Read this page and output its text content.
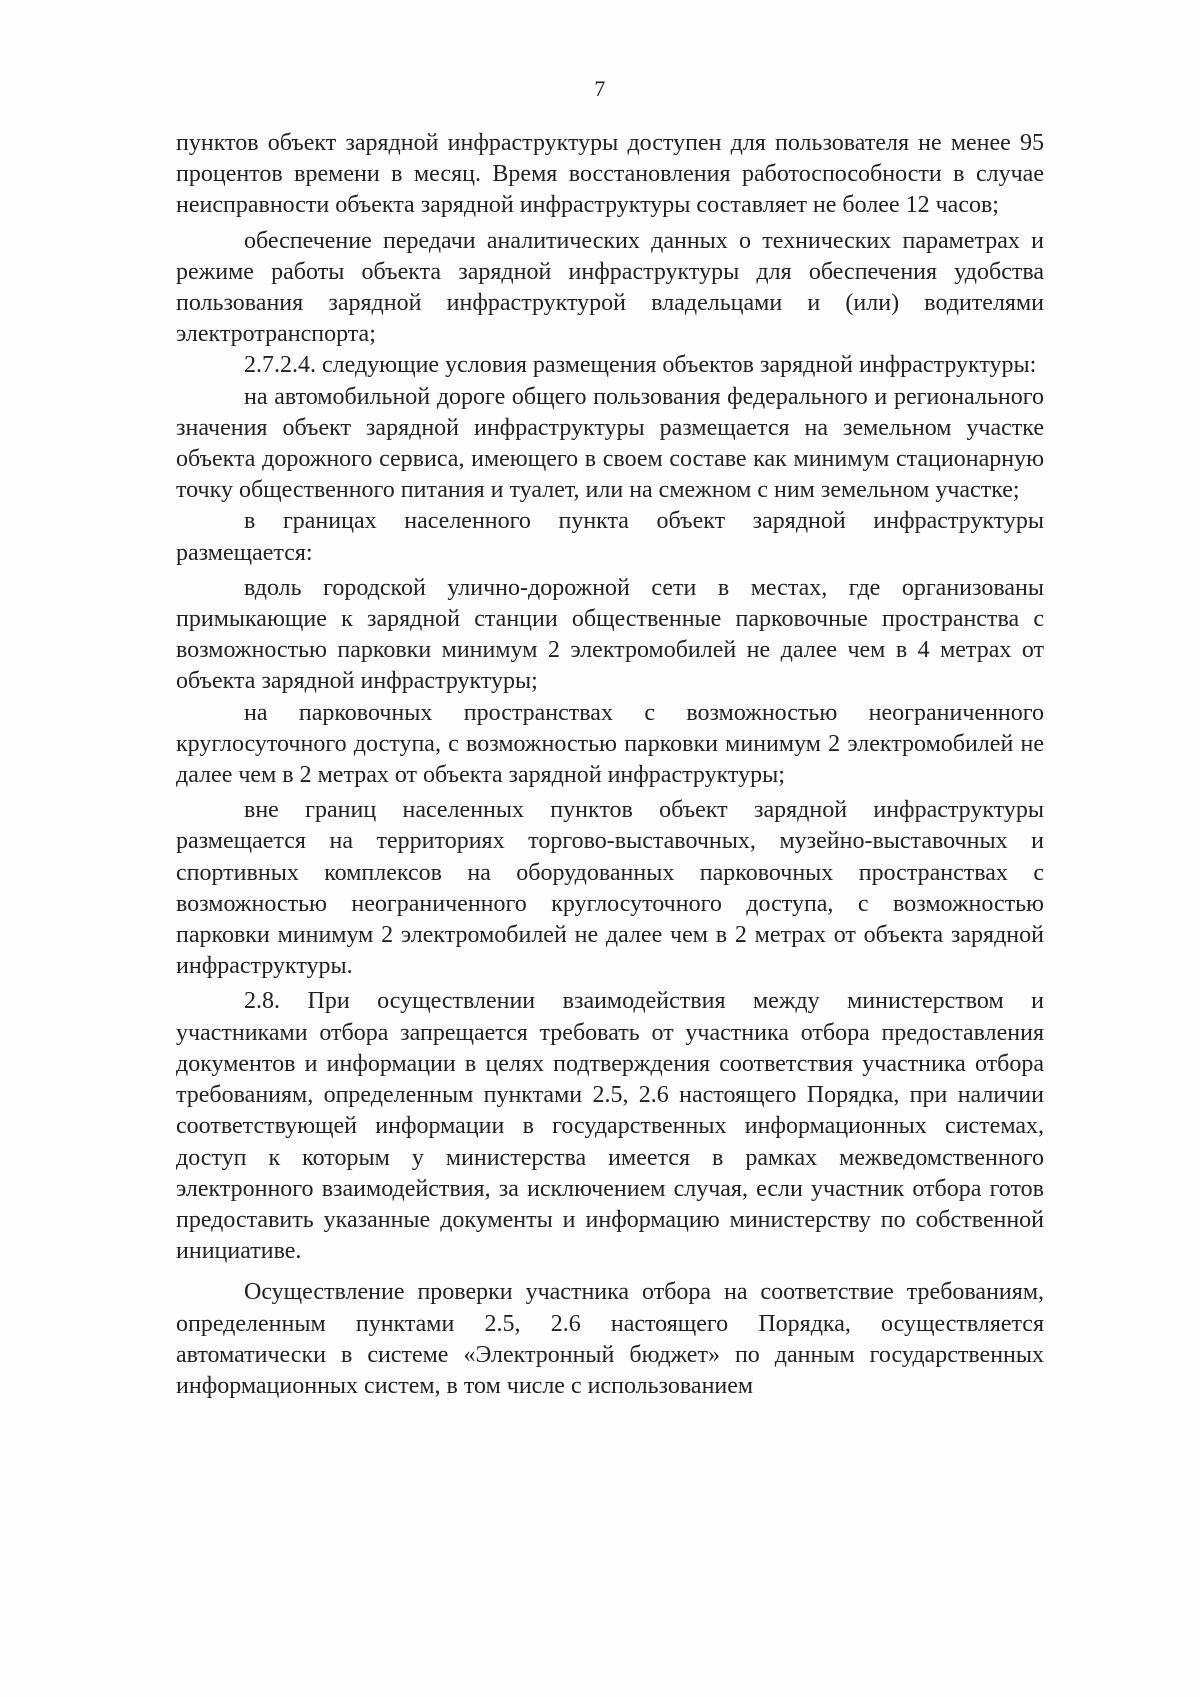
7

пунктов объект зарядной инфраструктуры доступен для пользователя не менее 95 процентов времени в месяц. Время восстановления работоспособности в случае неисправности объекта зарядной инфраструктуры составляет не более 12 часов;

обеспечение передачи аналитических данных о технических параметрах и режиме работы объекта зарядной инфраструктуры для обеспечения удобства пользования зарядной инфраструктурой владельцами и (или) водителями электротранспорта;

2.7.2.4. следующие условия размещения объектов зарядной инфраструктуры:

на автомобильной дороге общего пользования федерального и регионального значения объект зарядной инфраструктуры размещается на земельном участке объекта дорожного сервиса, имеющего в своем составе как минимум стационарную точку общественного питания и туалет, или на смежном с ним земельном участке;

в границах населенного пункта объект зарядной инфраструктуры размещается:

вдоль городской улично-дорожной сети в местах, где организованы примыкающие к зарядной станции общественные парковочные пространства с возможностью парковки минимум 2 электромобилей не далее чем в 4 метрах от объекта зарядной инфраструктуры;

на парковочных пространствах с возможностью неограниченного круглосуточного доступа, с возможностью парковки минимум 2 электромобилей не далее чем в 2 метрах от объекта зарядной инфраструктуры;

вне границ населенных пунктов объект зарядной инфраструктуры размещается на территориях торгово-выставочных, музейно-выставочных и спортивных комплексов на оборудованных парковочных пространствах с возможностью неограниченного круглосуточного доступа, с возможностью парковки минимум 2 электромобилей не далее чем в 2 метрах от объекта зарядной инфраструктуры.

2.8. При осуществлении взаимодействия между министерством и участниками отбора запрещается требовать от участника отбора предоставления документов и информации в целях подтверждения соответствия участника отбора требованиям, определенным пунктами 2.5, 2.6 настоящего Порядка, при наличии соответствующей информации в государственных информационных системах, доступ к которым у министерства имеется в рамках межведомственного электронного взаимодействия, за исключением случая, если участник отбора готов предоставить указанные документы и информацию министерству по собственной инициативе.

Осуществление проверки участника отбора на соответствие требованиям, определенным пунктами 2.5, 2.6 настоящего Порядка, осуществляется автоматически в системе «Электронный бюджет» по данным государственных информационных систем, в том числе с использованием
